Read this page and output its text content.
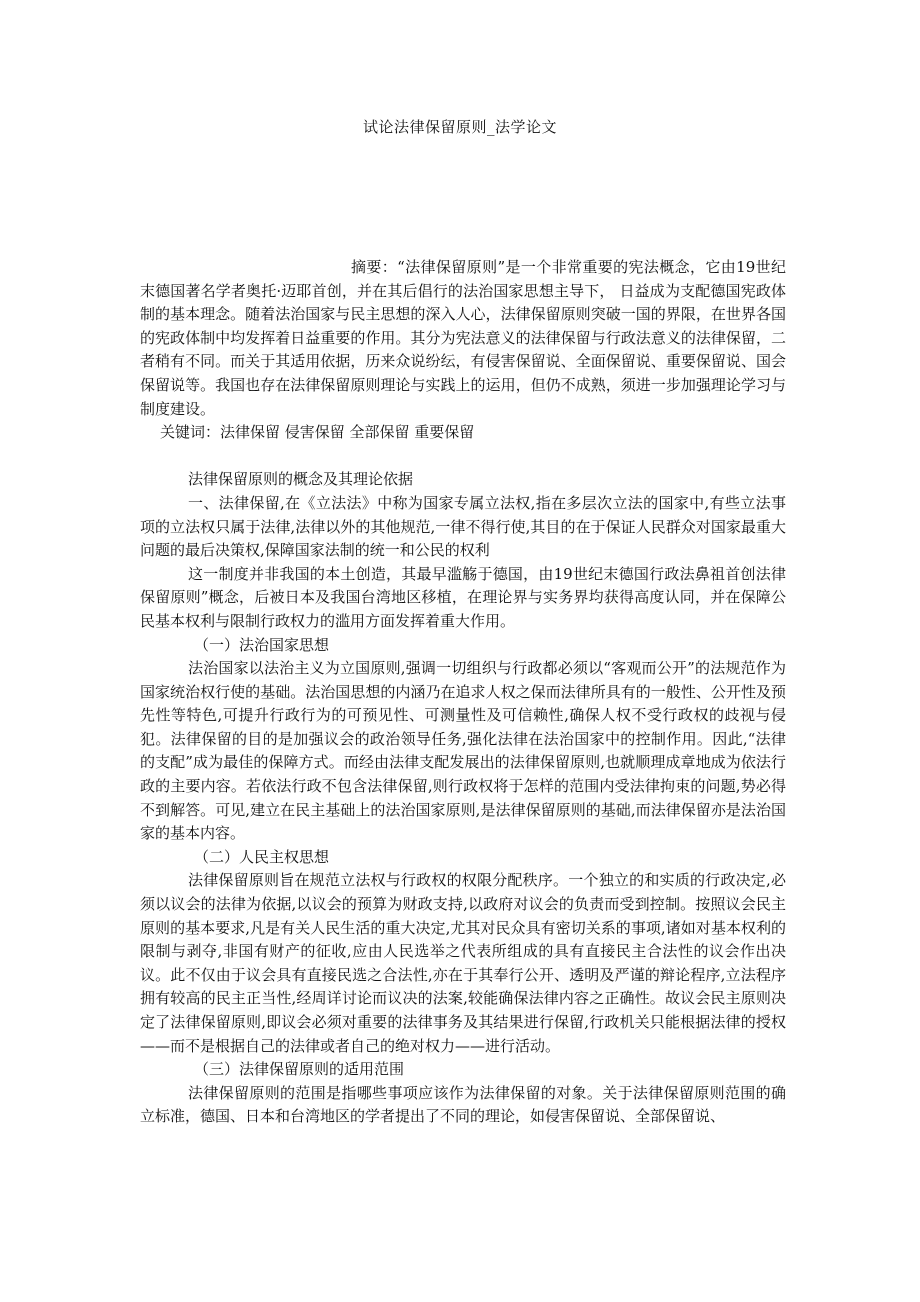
试论法律保留原则_法学论文

摘要：“法律保留原则”是一个非常重要的宪法概念，它由19世纪末德国著名学者奥托·迈耶首创，并在其后倡行的法治国家思想主导下， 日益成为支配德国宪政体制的基本理念。随着法治国家与民主思想的深入人心，法律保留原则突破一国的界限，在世界各国的宪政体制中均发挥着日益重要的作用。其分为宪法意义的法律保留与行政法意义的法律保留，二者稍有不同。而关于其适用依据，历来众说纷纭，有侵害保留说、全面保留说、重要保留说、国会保留说等。我国也存在法律保留原则理论与实践上的运用，但仍不成熟，须进一步加强理论学习与制度建设。

关键词：法律保留 侵害保留 全部保留 重要保留

法律保留原则的概念及其理论依据

一、法律保留,在《立法法》中称为国家专属立法权,指在多层次立法的国家中,有些立法事项的立法权只属于法律,法律以外的其他规范,一律不得行使,其目的在于保证人民群众对国家最重大问题的最后决策权,保障国家法制的统一和公民的权利

这一制度并非我国的本土创造，其最早滥觞于德国，由19世纪末德国行政法鼻祖首创法律保留原则”概念，后被日本及我国台湾地区移植，在理论界与实务界均获得高度认同，并在保障公民基本权利与限制行政权力的滥用方面发挥着重大作用。

（一）法治国家思想

法治国家以法治主义为立国原则,强调一切组织与行政都必须以“客观而公开”的法规范作为国家统治权行使的基础。法治国思想的内涵乃在追求人权之保而法律所具有的一般性、公开性及预先性等特色,可提升行政行为的可预见性、可测量性及可信赖性,确保人权不受行政权的歧视与侵犯。法律保留的目的是加强议会的政治领导任务,强化法律在法治国家中的控制作用。因此,“法律的支配”成为最佳的保障方式。而经由法律支配发展出的法律保留原则,也就顺理成章地成为依法行政的主要内容。若依法行政不包含法律保留,则行政权将于怎样的范围内受法律拘束的问题,势必得不到解答。可见,建立在民主基础上的法治国家原则,是法律保留原则的基础,而法律保留亦是法治国家的基本内容。

（二）人民主权思想

法律保留原则旨在规范立法权与行政权的权限分配秩序。一个独立的和实质的行政决定,必须以议会的法律为依据,以议会的预算为财政支持,以政府对议会的负责而受到控制。按照议会民主原则的基本要求,凡是有关人民生活的重大决定,尤其对民众具有密切关系的事项,诸如对基本权利的限制与剥夺,非国有财产的征收,应由人民选举之代表所组成的具有直接民主合法性的议会作出决议。此不仅由于议会具有直接民选之合法性,亦在于其奉行公开、透明及严谨的辩论程序,立法程序拥有较高的民主正当性,经周详讨论而议决的法案,较能确保法律内容之正确性。故议会民主原则决定了法律保留原则,即议会必须对重要的法律事务及其结果进行保留,行政机关只能根据法律的授权——而不是根据自己的法律或者自己的绝对权力——进行活动。

（三）法律保留原则的适用范围

法律保留原则的范围是指哪些事项应该作为法律保留的对象。关于法律保留原则范围的确立标准，德国、日本和台湾地区的学者提出了不同的理论，如侵害保留说、全部保留说、
